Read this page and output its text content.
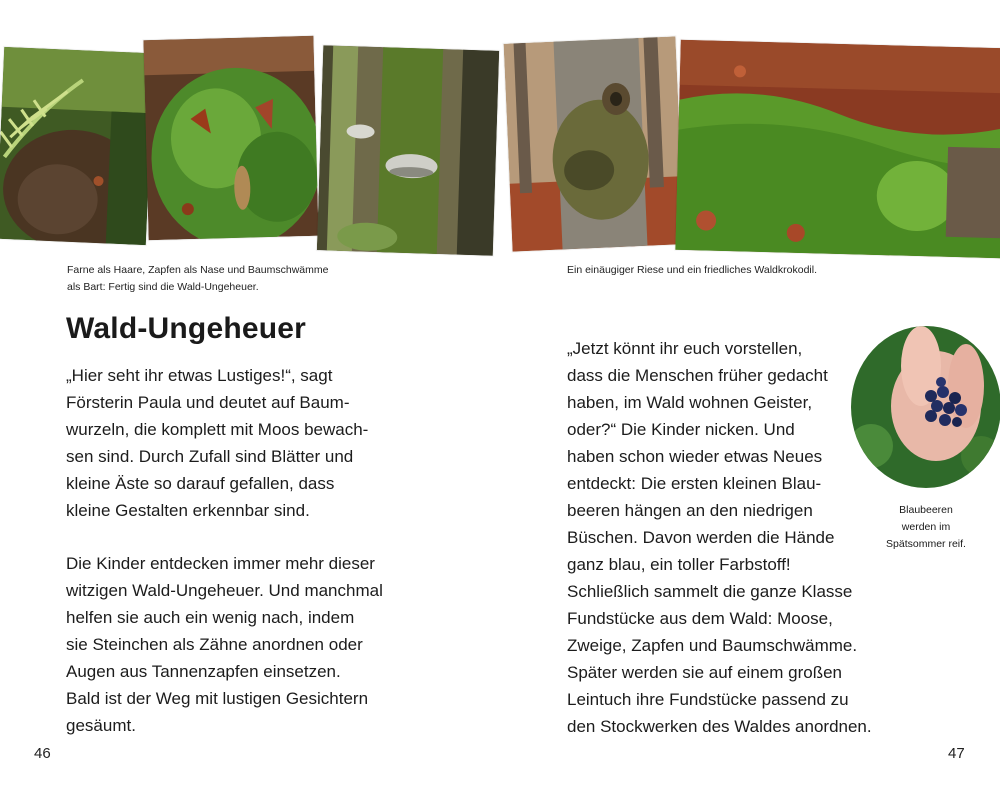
Farne als Haare, Zapfen als Nase und Baumschwämme
als Bart: Fertig sind die Wald-Ungeheuer.
Ein einäugiger Riese und ein friedliches Waldkrokodil.
Wald-Ungeheuer

„Hier seht ihr etwas Lustiges!“, sagt
Försterin Paula und deutet auf Baum-
wurzeln, die komplett mit Moos bewach-
sen sind. Durch Zufall sind Blätter und
kleine Äste so darauf gefallen, dass
kleine Gestalten erkennbar sind.

Die Kinder entdecken immer mehr dieser
witzigen Wald-Ungeheuer. Und manchmal
helfen sie auch ein wenig nach, indem
sie Steinchen als Zähne anordnen oder
Augen aus Tannenzapfen einsetzen.
Bald ist der Weg mit lustigen Gesichtern
gesäumt.

„Jetzt könnt ihr euch vorstellen,
dass die Menschen früher gedacht
haben, im Wald wohnen Geister,
oder?“ Die Kinder nicken. Und
haben schon wieder etwas Neues
entdeckt: Die ersten kleinen Blau-
beeren hängen an den niedrigen
Büschen. Davon werden die Hände
ganz blau, ein toller Farbstoff!
Schließlich sammelt die ganze Klasse
Fundstücke aus dem Wald: Moose,
Zweige, Zapfen und Baumschwämme.
Später werden sie auf einem großen
Leintuch ihre Fundstücke passend zu
den Stockwerken des Waldes anordnen.

Blaubeeren
werden im
Spätsommer reif.
46	47
